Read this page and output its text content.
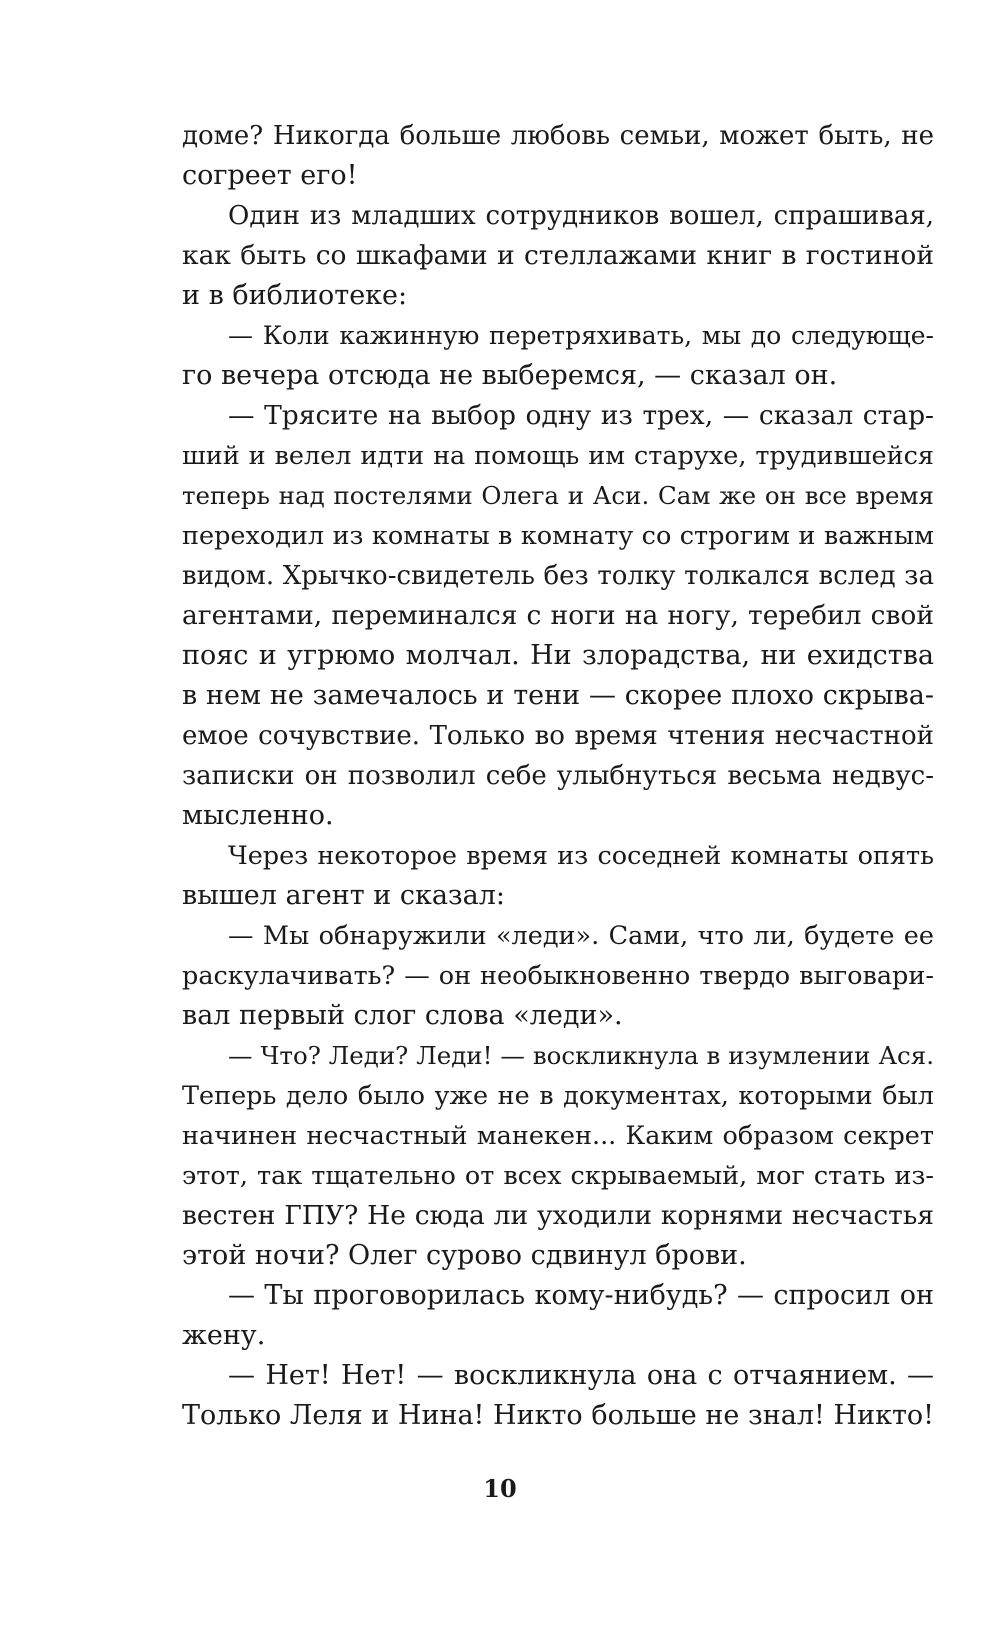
доме? Никогда больше любовь семьи, может быть, не
согреет его!
Один из младших сотрудников вошел, спрашивая,
как быть со шкафами и стеллажами книг в гостиной
и в библиотеке:
— Коли кажинную перетряхивать, мы до следующе-
го вечера отсюда не выберемся, — сказал он.
— Трясите на выбор одну из трех, — сказал стар-
ший и велел идти на помощь им старухе, трудившейся
теперь над постелями Олега и Аси. Сам же он все время
переходил из комнаты в комнату со строгим и важным
видом. Хрычко-свидетель без толку толкался вслед за
агентами, переминался с ноги на ногу, теребил свой
пояс и угрюмо молчал. Ни злорадства, ни ехидства
в нем не замечалось и тени — скорее плохо скрыва-
емое сочувствие. Только во время чтения несчастной
записки он позволил себе улыбнуться весьма недвус-
мысленно.
Через некоторое время из соседней комнаты опять
вышел агент и сказал:
— Мы обнаружили «леди». Сами, что ли, будете ее
раскулачивать? — он необыкновенно твердо выговари-
вал первый слог слова «леди».
— Что? Леди? Леди! — воскликнула в изумлении Ася.
Теперь дело было уже не в документах, которыми был
начинен несчастный манекен... Каким образом секрет
этот, так тщательно от всех скрываемый, мог стать из-
вестен ГПУ? Не сюда ли уходили корнями несчастья
этой ночи? Олег сурово сдвинул брови.
— Ты проговорилась кому-нибудь? — спросил он
жену.
— Нет! Нет! — воскликнула она с отчаянием. —
Только Леля и Нина! Никто больше не знал! Никто!
10
